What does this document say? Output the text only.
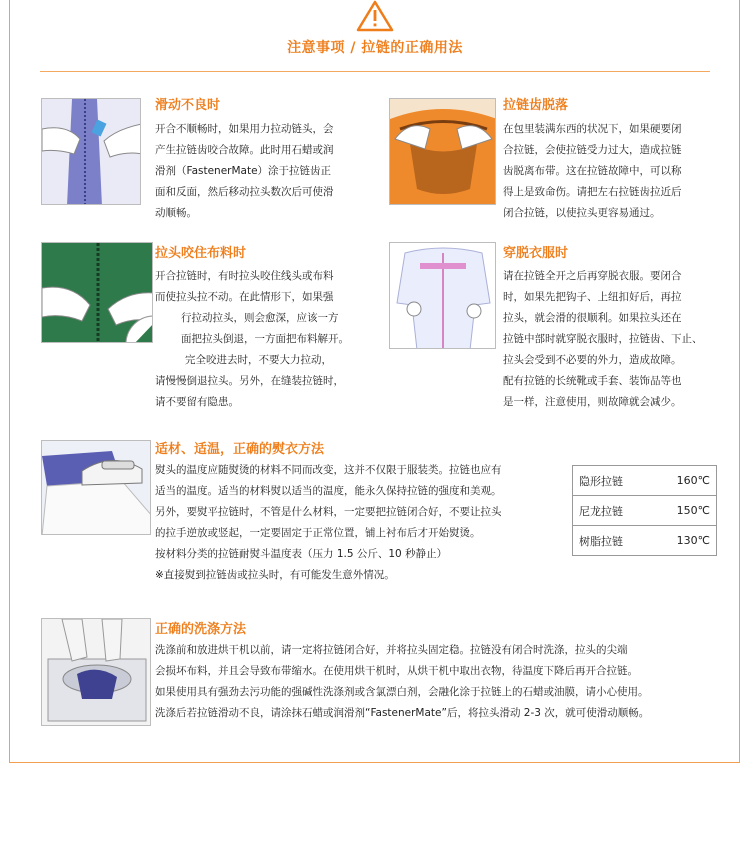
注意事项 / 拉链的正确用法
滑动不良时

开合不顺畅时，如果用力拉动链头，会

产生拉链齿咬合故障。此时用石蜡或润

滑剂（FastenerMate）涂于拉链齿正

面和反面，然后移动拉头数次后可使滑

动顺畅。

拉链齿脱落

在包里装满东西的状况下，如果硬要闭

合拉链，会使拉链受力过大，造成拉链

齿脱离布带。这在拉链故障中，可以称

得上是致命伤。请把左右拉链齿拉近后

闭合拉链，以使拉头更容易通过。

拉头咬住布料时

开合拉链时，有时拉头咬住线头或布料

而使拉头拉不动。在此情形下，如果强

行拉动拉头，则会愈深，应该一方

面把拉头倒退，一方面把布料解开。

完全咬进去时，不要大力拉动，

请慢慢倒退拉头。另外，在缝装拉链时，

请不要留有隐患。

穿脱衣服时

请在拉链全开之后再穿脱衣服。要闭合

时，如果先把钩子、上纽扣好后，再拉

拉头，就会滑的很顺利。如果拉头还在

拉链中部时就穿脱衣服时，拉链齿、下止、

拉头会受到不必要的外力，造成故障。

配有拉链的长统靴或手套、装饰品等也

是一样，注意使用，则故障就会减少。

适材、适温，正确的熨衣方法

熨头的温度应随熨烫的材料不同而改变，这并不仅限于服装类。拉链也应有

适当的温度。适当的材料熨以适当的温度，能永久保持拉链的强度和美观。

另外，要熨平拉链时，不管是什么材料，一定要把拉链闭合好，不要让拉头

的拉手逆放或竖起，一定要固定于正常位置，铺上衬布后才开始熨烫。

按材料分类的拉链耐熨斗温度表（压力 1.5 公斤、10 秒静止）

※直接熨到拉链齿或拉头时，有可能发生意外情况。

隐形拉链	160℃
尼龙拉链	150℃
树脂拉链	130℃
正确的洗涤方法

洗涤前和放进烘干机以前，请一定将拉链闭合好，并将拉头固定稳。拉链没有闭合时洗涤，拉头的尖端

会损坏布料，并且会导致布带缩水。在使用烘干机时，从烘干机中取出衣物，待温度下降后再开合拉链。

如果使用具有强劲去污功能的强碱性洗涤剂或含氯漂白剂，会融化涂于拉链上的石蜡或油膜，请小心使用。

洗涤后若拉链滑动不良，请涂抹石蜡或润滑剂“FastenerMate”后，将拉头滑动 2-3 次，就可使滑动顺畅。
